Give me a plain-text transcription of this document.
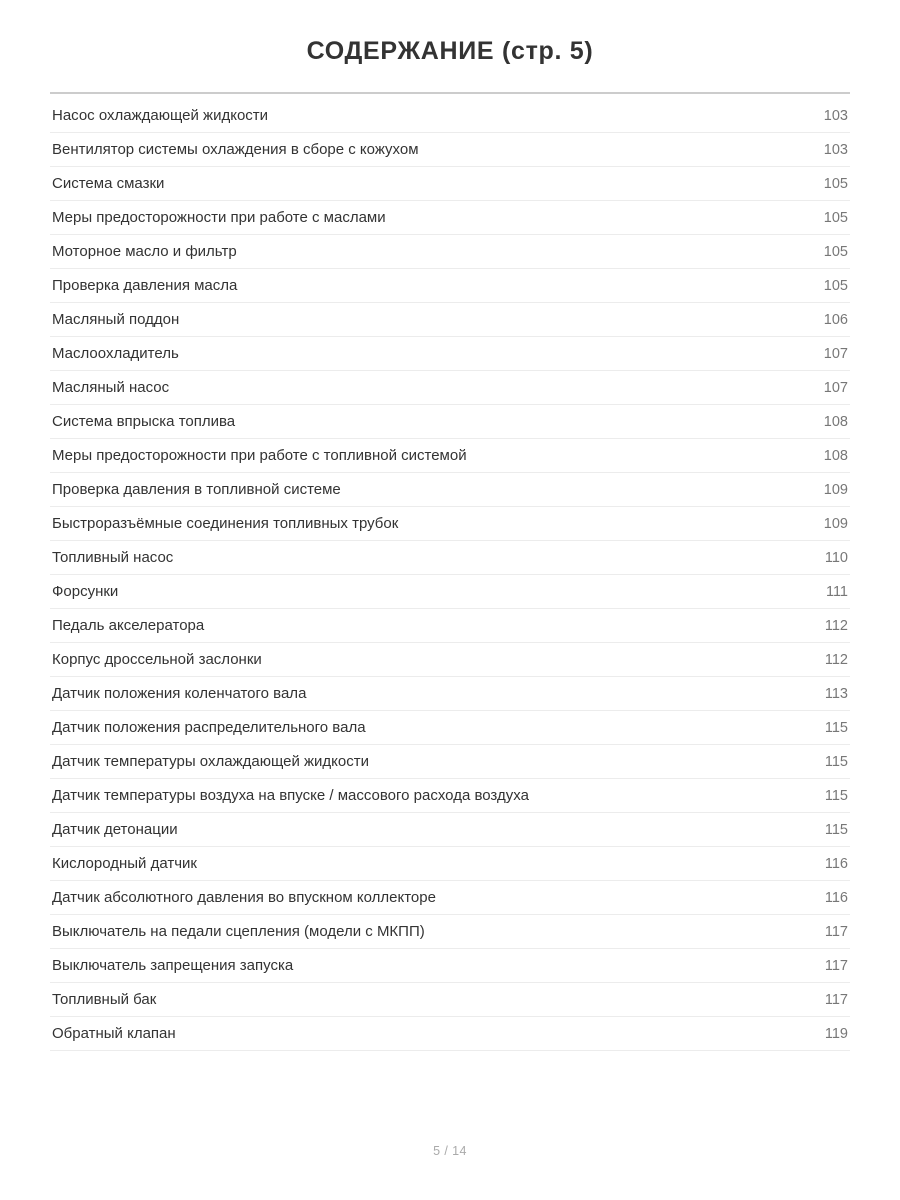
СОДЕРЖАНИЕ (стр. 5)
Насос охлаждающей жидкости	103
Вентилятор системы охлаждения в сборе с кожухом	103
Система смазки	105
Меры предосторожности при работе с маслами	105
Моторное масло и фильтр	105
Проверка давления масла	105
Масляный поддон	106
Маслоохладитель	107
Масляный насос	107
Система впрыска топлива	108
Меры предосторожности при работе с топливной системой	108
Проверка давления в топливной системе	109
Быстроразъёмные соединения топливных трубок	109
Топливный насос	110
Форсунки	111
Педаль акселератора	112
Корпус дроссельной заслонки	112
Датчик положения коленчатого вала	113
Датчик положения распределительного вала	115
Датчик температуры охлаждающей жидкости	115
Датчик температуры воздуха на впуске / массового расхода воздуха	115
Датчик детонации	115
Кислородный датчик	116
Датчик абсолютного давления во впускном коллекторе	116
Выключатель на педали сцепления (модели с МКПП)	117
Выключатель запрещения запуска	117
Топливный бак	117
Обратный клапан	119
5 / 14
